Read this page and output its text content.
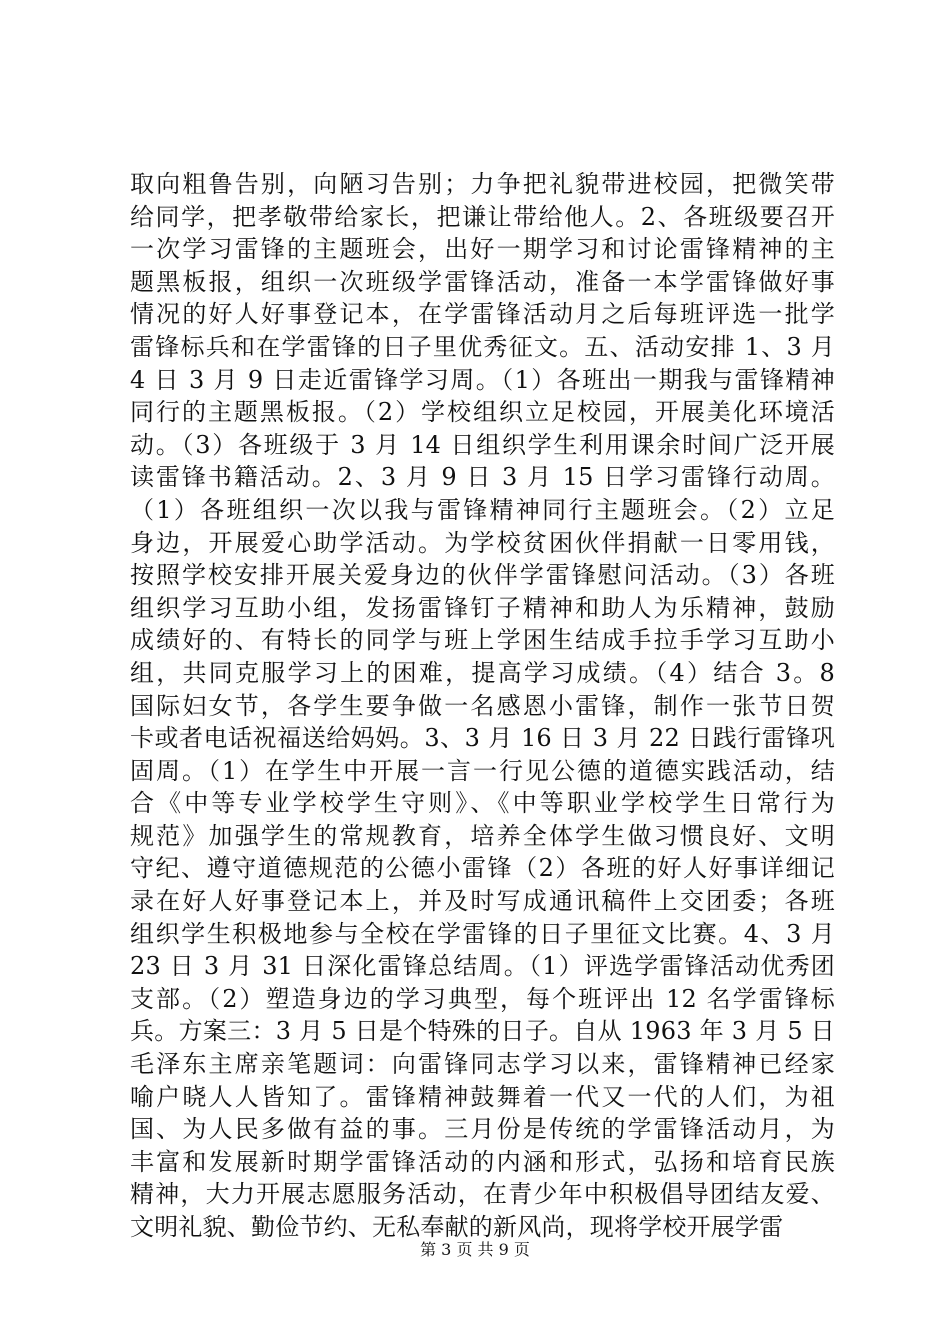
取向粗鲁告别，向陋习告别；力争把礼貌带进校园，把微笑带
给同学，把孝敬带给家长，把谦让带给他人。2、各班级要召开
一次学习雷锋的主题班会，出好一期学习和讨论雷锋精神的主
题黑板报，组织一次班级学雷锋活动，准备一本学雷锋做好事
情况的好人好事登记本，在学雷锋活动月之后每班评选一批学
雷锋标兵和在学雷锋的日子里优秀征文。五、活动安排 1、3 月
4 日 3 月 9 日走近雷锋学习周。（1）各班出一期我与雷锋精神
同行的主题黑板报。（2）学校组织立足校园，开展美化环境活
动。（3）各班级于 3 月 14 日组织学生利用课余时间广泛开展
读雷锋书籍活动。2、3 月 9 日 3 月 15 日学习雷锋行动周。
（1）各班组织一次以我与雷锋精神同行主题班会。（2）立足
身边，开展爱心助学活动。为学校贫困伙伴捐献一日零用钱，
按照学校安排开展关爱身边的伙伴学雷锋慰问活动。（3）各班
组织学习互助小组，发扬雷锋钉子精神和助人为乐精神，鼓励
成绩好的、有特长的同学与班上学困生结成手拉手学习互助小
组，共同克服学习上的困难，提高学习成绩。（4）结合 3。8
国际妇女节，各学生要争做一名感恩小雷锋，制作一张节日贺
卡或者电话祝福送给妈妈。3、3 月 16 日 3 月 22 日践行雷锋巩
固周。（1）在学生中开展一言一行见公德的道德实践活动，结
合《中等专业学校学生守则》、《中等职业学校学生日常行为
规范》加强学生的常规教育，培养全体学生做习惯良好、文明
守纪、遵守道德规范的公德小雷锋（2）各班的好人好事详细记
录在好人好事登记本上，并及时写成通讯稿件上交团委；各班
组织学生积极地参与全校在学雷锋的日子里征文比赛。4、3 月
23 日 3 月 31 日深化雷锋总结周。（1）评选学雷锋活动优秀团
支部。（2）塑造身边的学习典型，每个班评出 12 名学雷锋标
兵。方案三：3 月 5 日是个特殊的日子。自从 1963 年 3 月 5 日
毛泽东主席亲笔题词：向雷锋同志学习以来，雷锋精神已经家
喻户晓人人皆知了。雷锋精神鼓舞着一代又一代的人们，为祖
国、为人民多做有益的事。三月份是传统的学雷锋活动月，为
丰富和发展新时期学雷锋活动的内涵和形式，弘扬和培育民族
精神，大力开展志愿服务活动，在青少年中积极倡导团结友爱、
文明礼貌、勤俭节约、无私奉献的新风尚，现将学校开展学雷
第 3 页 共 9 页
